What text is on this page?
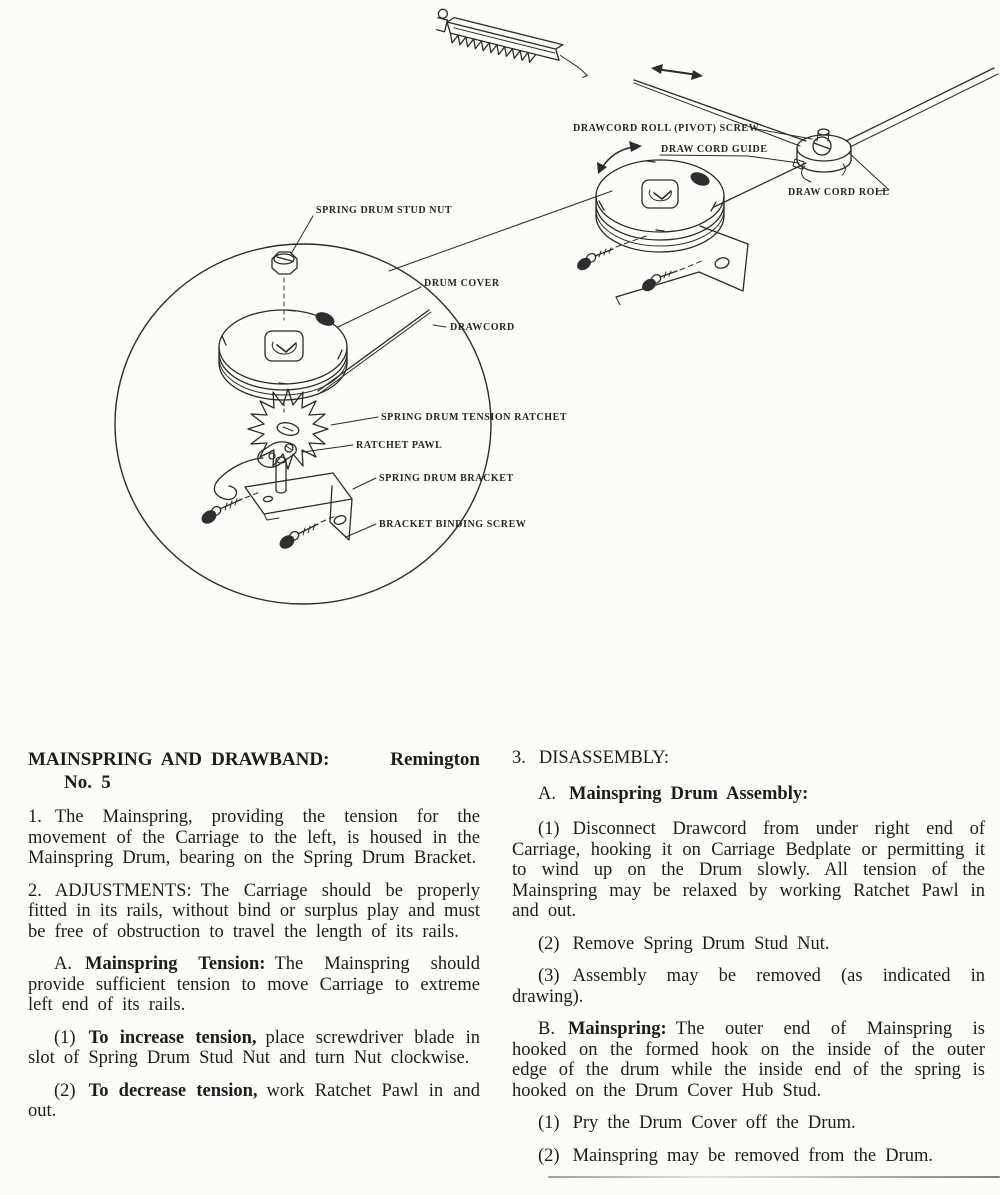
SPRING DRUM STUD NUT
DRUM COVER
DRAWCORD
SPRING DRUM TENSION RATCHET
RATCHET PAWL
SPRING DRUM BRACKET
BRACKET BINDING SCREW
DRAWCORD ROLL (PIVOT) SCREW
DRAW CORD GUIDE
DRAW CORD ROLL
MAINSPRING AND DRAWBAND:	Remington
No. 5

1. The Mainspring, providing the tension for the movement of the Carriage to the left, is housed in the Mainspring Drum, bearing on the Spring Drum Bracket.

2. ADJUSTMENTS: The Carriage should be properly fitted in its rails, without bind or surplus play and must be free of obstruction to travel the length of its rails.

A. Mainspring Tension: The Mainspring should provide sufficient tension to move Carriage to extreme left end of its rails.

(1) To increase tension, place screwdriver blade in slot of Spring Drum Stud Nut and turn Nut clockwise.

(2) To decrease tension, work Ratchet Pawl in and out.

3. DISASSEMBLY:

A. Mainspring Drum Assembly:

(1) Disconnect Drawcord from under right end of Carriage, hooking it on Carriage Bedplate or permitting it to wind up on the Drum slowly. All tension of the Mainspring may be relaxed by working Ratchet Pawl in and out.

(2) Remove Spring Drum Stud Nut.

(3) Assembly may be removed (as indicated in drawing).

B. Mainspring: The outer end of Mainspring is hooked on the formed hook on the inside of the outer edge of the drum while the inside end of the spring is hooked on the Drum Cover Hub Stud.

(1) Pry the Drum Cover off the Drum.

(2) Mainspring may be removed from the Drum.
